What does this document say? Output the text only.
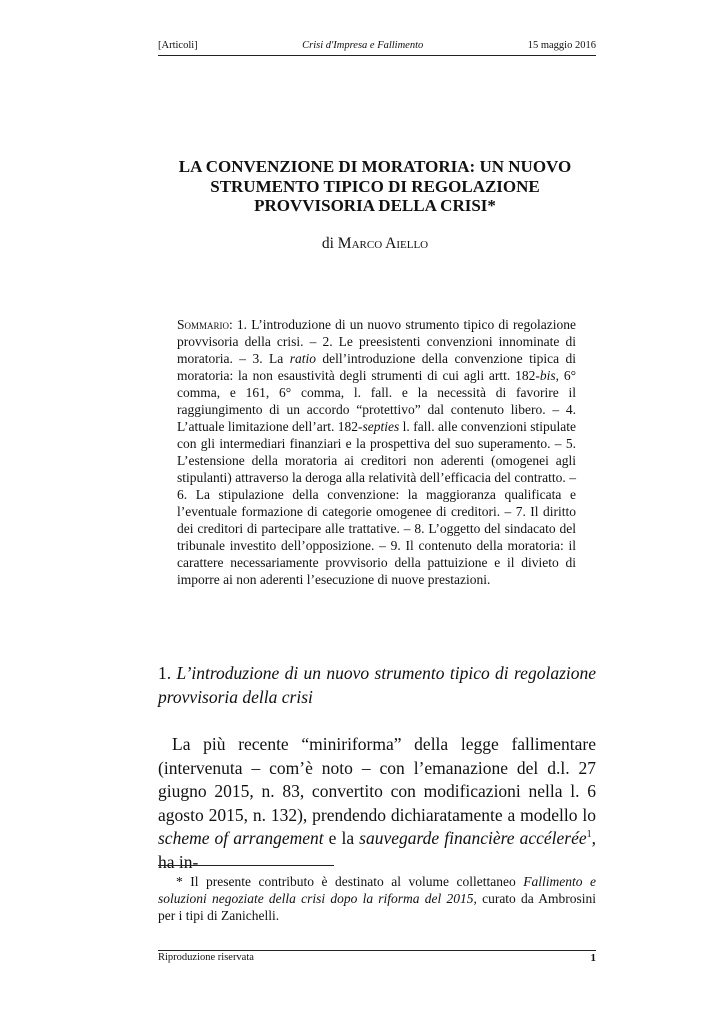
[Articoli]	Crisi d'Impresa e Fallimento	15 maggio 2016
LA CONVENZIONE DI MORATORIA: UN NUOVO
STRUMENTO TIPICO DI REGOLAZIONE
PROVVISORIA DELLA CRISI*
di Marco Aiello
Sommario: 1. L’introduzione di un nuovo strumento tipico di regolazione provvisoria della crisi. – 2. Le preesistenti convenzioni innominate di moratoria. – 3. La ratio dell’introduzione della convenzione tipica di moratoria: la non esaustività degli strumenti di cui agli artt. 182-bis, 6° comma, e 161, 6° comma, l. fall. e la necessità di favorire il raggiungimento di un accordo “protettivo” dal contenuto libero. – 4. L’attuale limitazione dell’art. 182-septies l. fall. alle convenzioni stipulate con gli intermediari finanziari e la prospettiva del suo superamento. – 5. L’estensione della moratoria ai creditori non aderenti (omogenei agli stipulanti) attraverso la deroga alla relatività dell’efficacia del contratto. – 6. La stipulazione della convenzione: la maggioranza qualificata e l’eventuale formazione di categorie omogenee di creditori. – 7. Il diritto dei creditori di partecipare alle trattative. – 8. L’oggetto del sindacato del tribunale investito dell’opposizione. – 9. Il contenuto della moratoria: il carattere necessariamente provvisorio della pattuizione e il divieto di imporre ai non aderenti l’esecuzione di nuove prestazioni.
1. L’introduzione di un nuovo strumento tipico di regolazione provvisoria della crisi
La più recente “miniriforma” della legge fallimentare (intervenuta – com’è noto – con l’emanazione del d.l. 27 giugno 2015, n. 83, convertito con modificazioni nella l. 6 agosto 2015, n. 132), prendendo dichiaratamente a modello lo scheme of arrangement e la sauvegarde financière accélerée$^1$, ha in-
* Il presente contributo è destinato al volume collettaneo Fallimento e soluzioni negoziate della crisi dopo la riforma del 2015, curato da Ambrosini per i tipi di Zanichelli.
Riproduzione riservata	1
